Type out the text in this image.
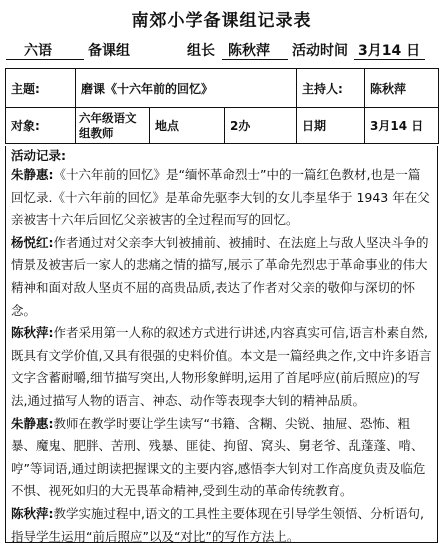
南郊小学备课组记录表
六语	备课组	组长 陈秋萍 活动时间 3月14 日
主题:	磨课《十六年前的回忆》			主持人:	陈秋萍
对象:	六年级语文组教师	地点	2办	日期	3月14 日
活动记录:

朱静惠:《十六年前的回忆》是“缅怀革命烈士”中的一篇红色教材,也是一篇回忆录.《十六年前的回忆》是革命先驱李大钊的女儿李星华于 1943 年在父亲被害十六年后回忆父亲被害的全过程而写的回忆。

杨悦红:作者通过对父亲李大钊被捕前、被捕时、在法庭上与敌人坚决斗争的情景及被害后一家人的悲痛之情的描写,展示了革命先烈忠于革命事业的伟大精神和面对敌人坚贞不屈的高贵品质,表达了作者对父亲的敬仰与深切的怀念。

陈秋萍:作者采用第一人称的叙述方式进行讲述,内容真实可信,语言朴素自然,既具有文学价值,又具有很强的史料价值。本文是一篇经典之作,文中许多语言文字含蓄耐嚼,细节描写突出,人物形象鲜明,运用了首尾呼应(前后照应)的写法,通过描写人物的语言、神态、动作等表现李大钊的精神品质。

朱静惠:教师在教学时要让学生读写“书籍、含糊、尖锐、抽屉、恐怖、粗暴、魔鬼、肥胖、苦刑、残暴、匪徒、拘留、窝头、舅老爷、乱蓬蓬、啃、哼”等词语,通过朗读把握课文的主要内容,感悟李大钊对工作高度负责及临危不惧、视死如归的大无畏革命精神,受到生动的革命传统教育。

陈秋萍:教学实施过程中,语文的工具性主要体现在引导学生领悟、分析语句,指导学生运用“前后照应”以及“对比”的写作方法上。
